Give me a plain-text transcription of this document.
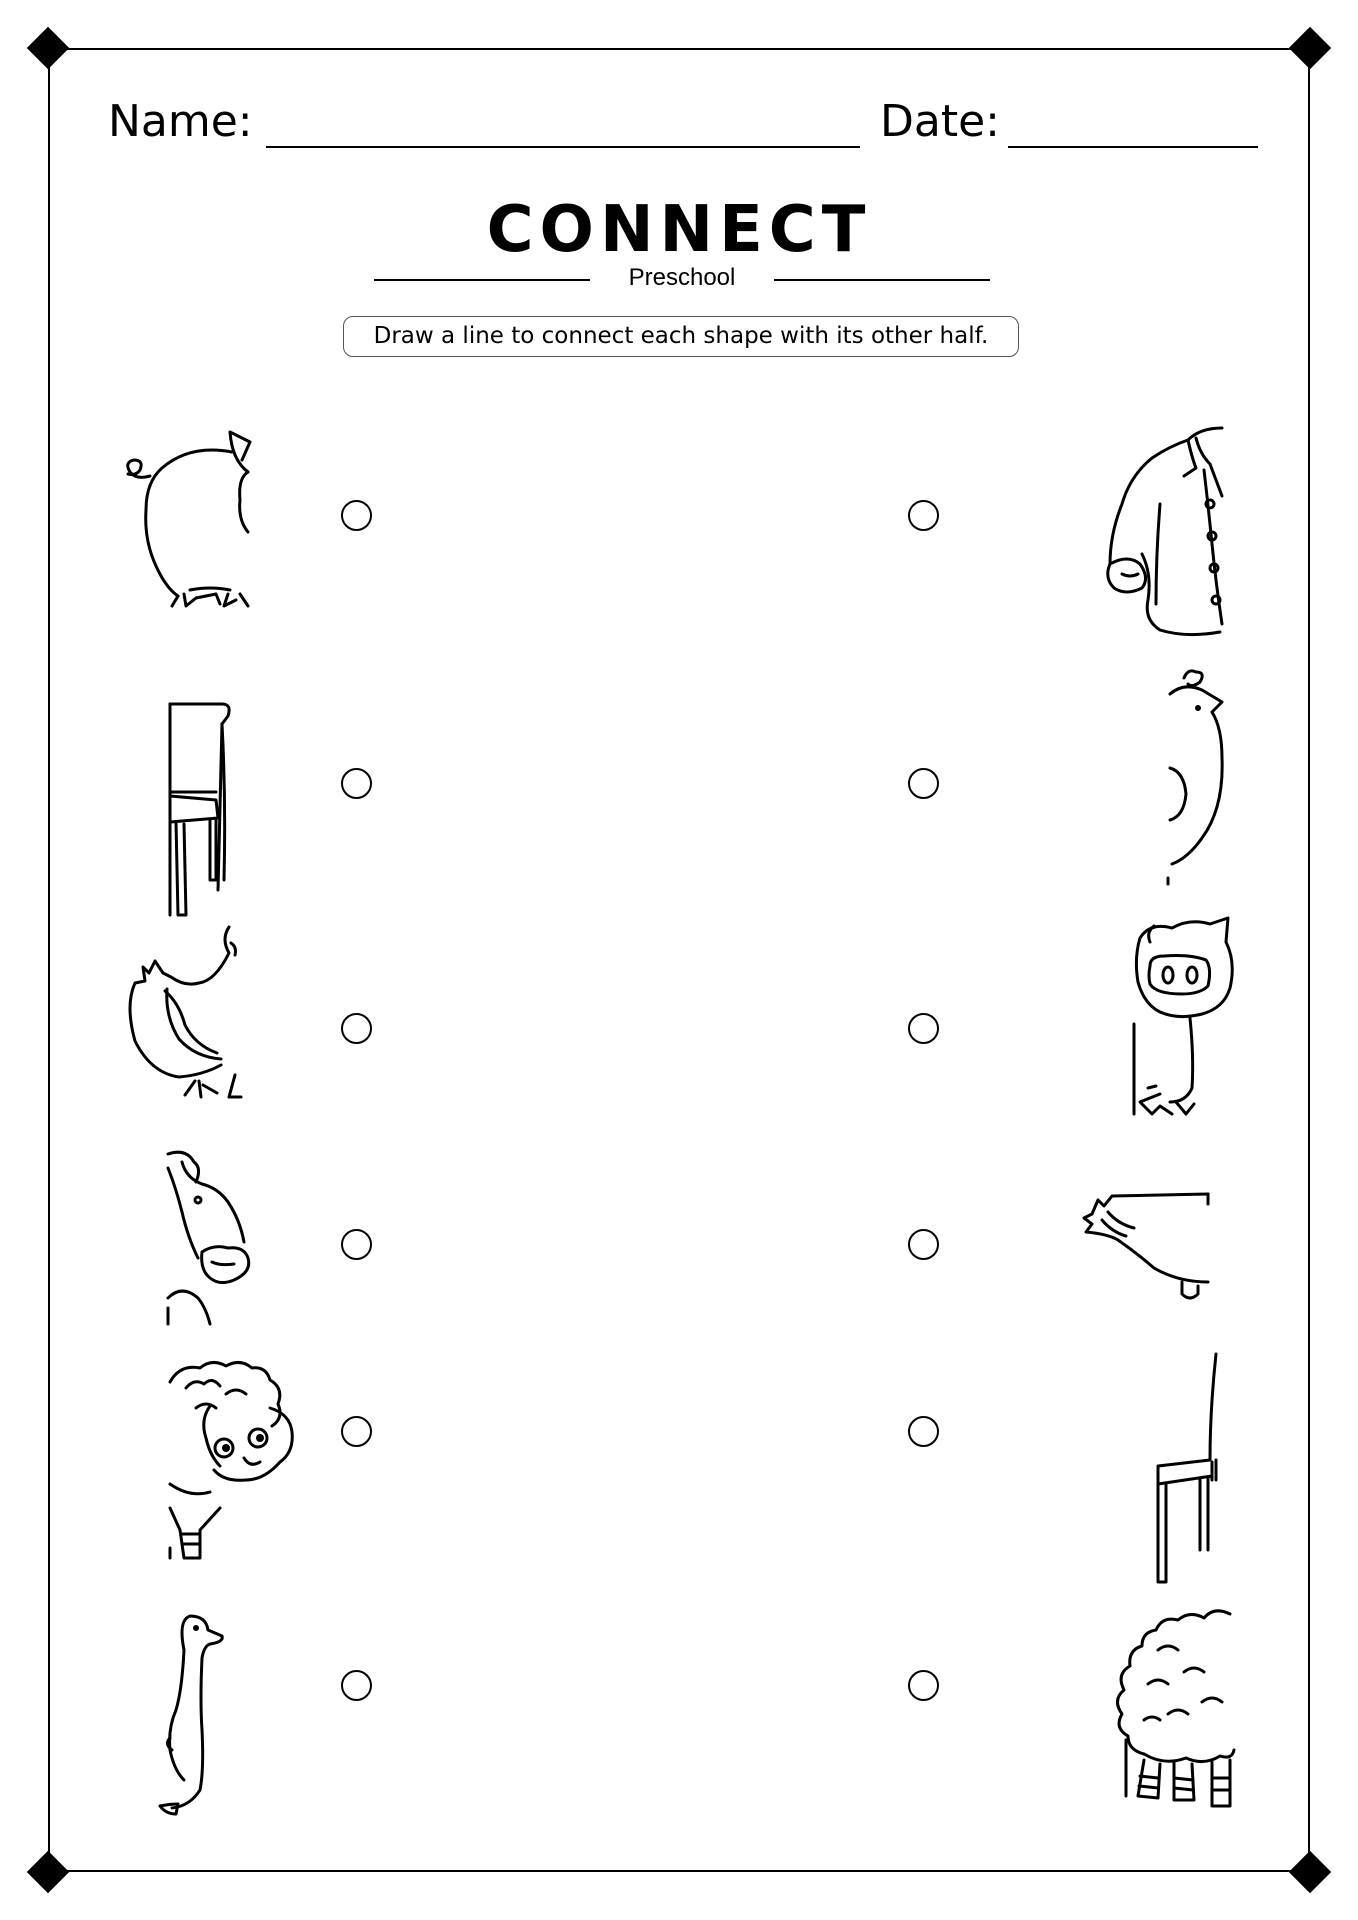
Name:	Date:
CONNECT
Preschool
Draw a line to connect each shape with its other half.
